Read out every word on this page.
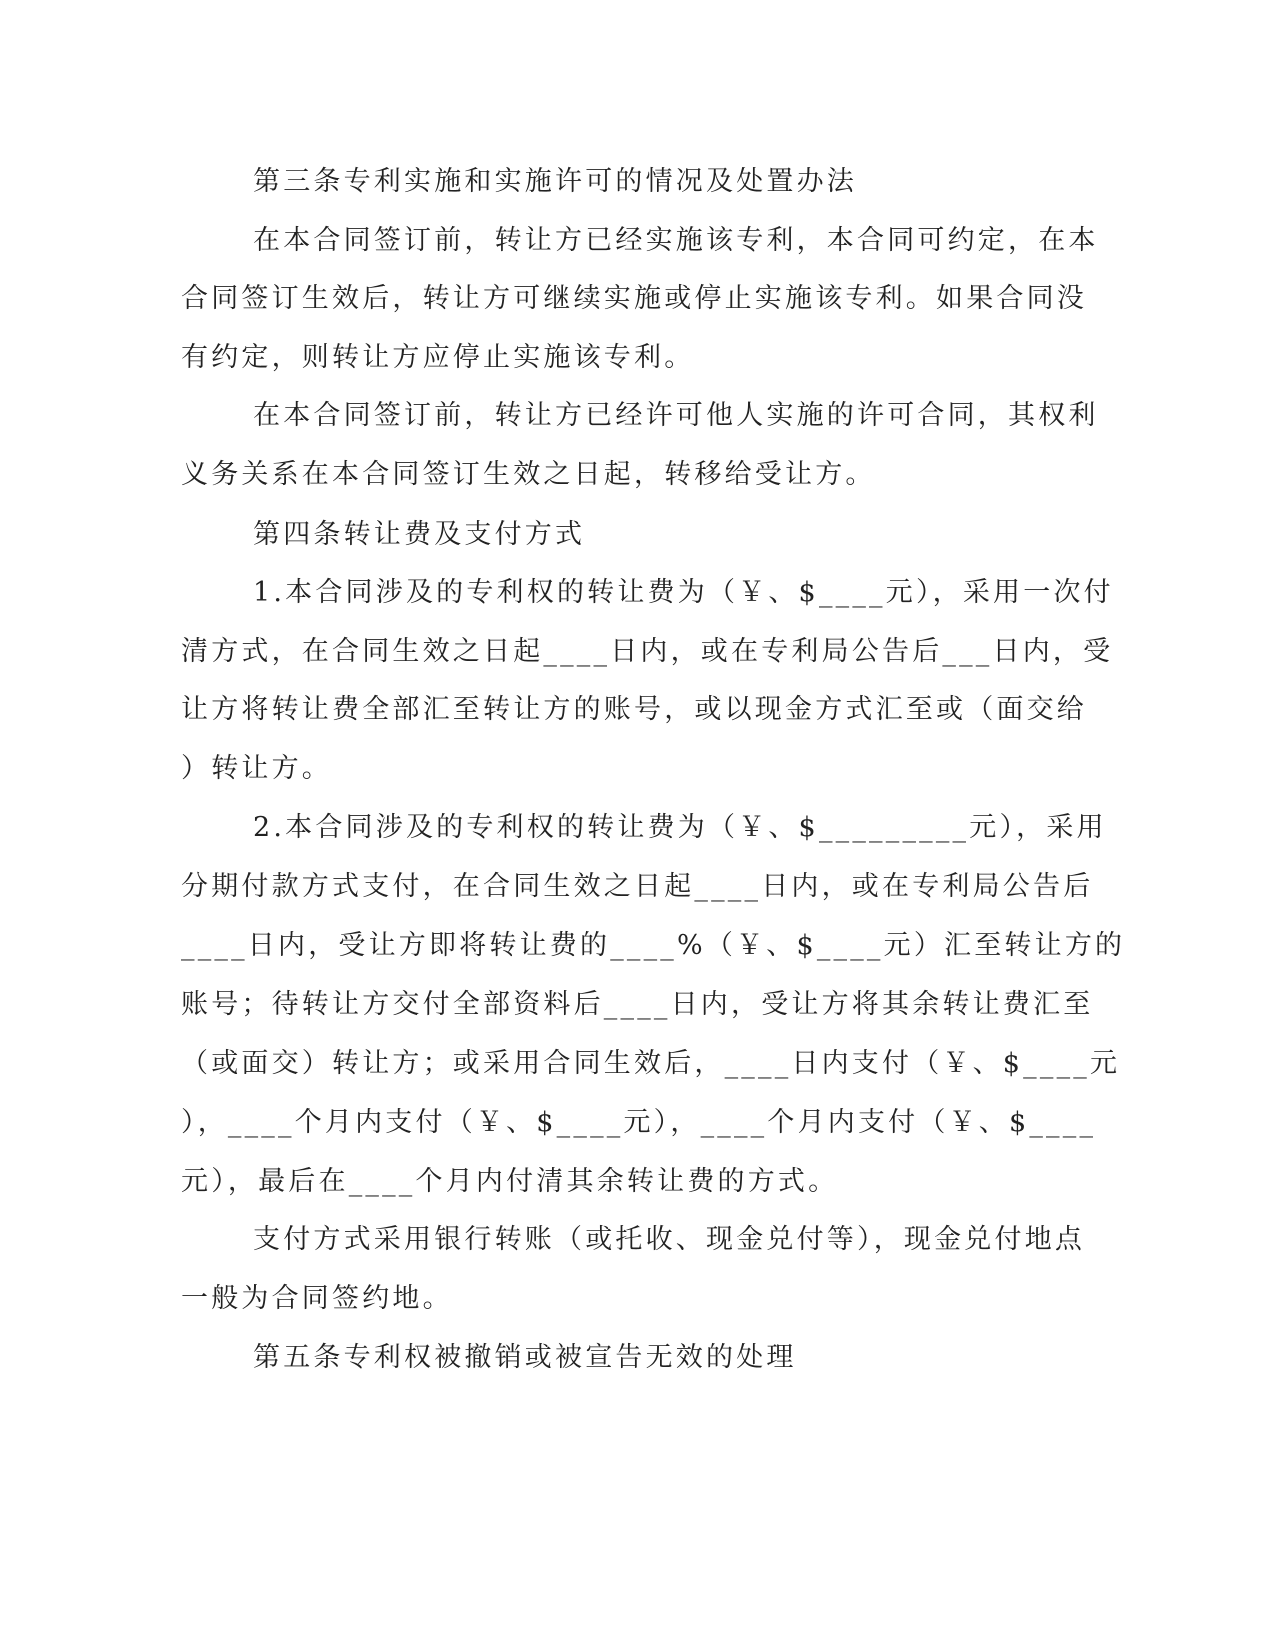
第三条专利实施和实施许可的情况及处置办法
在本合同签订前，转让方已经实施该专利，本合同可约定，在本
合同签订生效后，转让方可继续实施或停止实施该专利。如果合同没
有约定，则转让方应停止实施该专利。
在本合同签订前，转让方已经许可他人实施的许可合同，其权利
义务关系在本合同签订生效之日起，转移给受让方。
第四条转让费及支付方式
1.本合同涉及的专利权的转让费为（￥、$____元），采用一次付
清方式，在合同生效之日起____日内，或在专利局公告后___日内，受
让方将转让费全部汇至转让方的账号，或以现金方式汇至或（面交给
）转让方。
2.本合同涉及的专利权的转让费为（￥、$_________元），采用
分期付款方式支付，在合同生效之日起____日内，或在专利局公告后
____日内，受让方即将转让费的____%（￥、$____元）汇至转让方的
账号；待转让方交付全部资料后____日内，受让方将其余转让费汇至
（或面交）转让方；或采用合同生效后，____日内支付（￥、$____元
），____个月内支付（￥、$____元），____个月内支付（￥、$____
元），最后在____个月内付清其余转让费的方式。
支付方式采用银行转账（或托收、现金兑付等），现金兑付地点
一般为合同签约地。
第五条专利权被撤销或被宣告无效的处理
